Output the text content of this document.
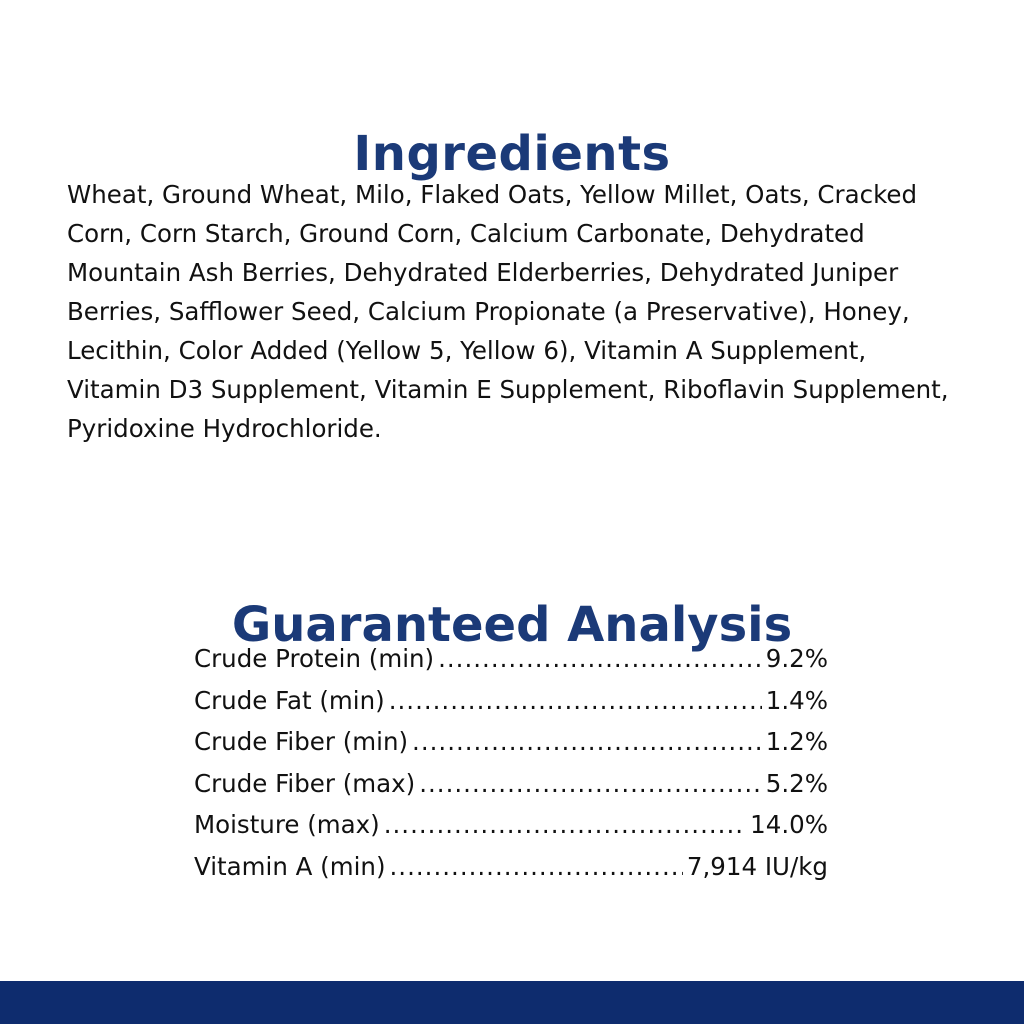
Ingredients

Wheat, Ground Wheat, Milo, Flaked Oats, Yellow Millet, Oats, Cracked Corn, Corn Starch, Ground Corn, Calcium Carbonate, Dehydrated Mountain Ash Berries, Dehydrated Elderberries, Dehydrated Juniper Berries, Safflower Seed, Calcium Propionate (a Preservative), Honey, Lecithin, Color Added (Yellow 5, Yellow 6), Vitamin A Supplement, Vitamin D3 Supplement, Vitamin E Supplement, Riboflavin Supplement, Pyridoxine Hydrochloride.

Guaranteed Analysis
Crude Protein (min) .....	9.2%
Crude Fat (min) .....	1.4%
Crude Fiber (min) .....	1.2%
Crude Fiber (max) .....	5.2%
Moisture (max) .....	14.0%
Vitamin A (min) .....	7,914 IU/kg
